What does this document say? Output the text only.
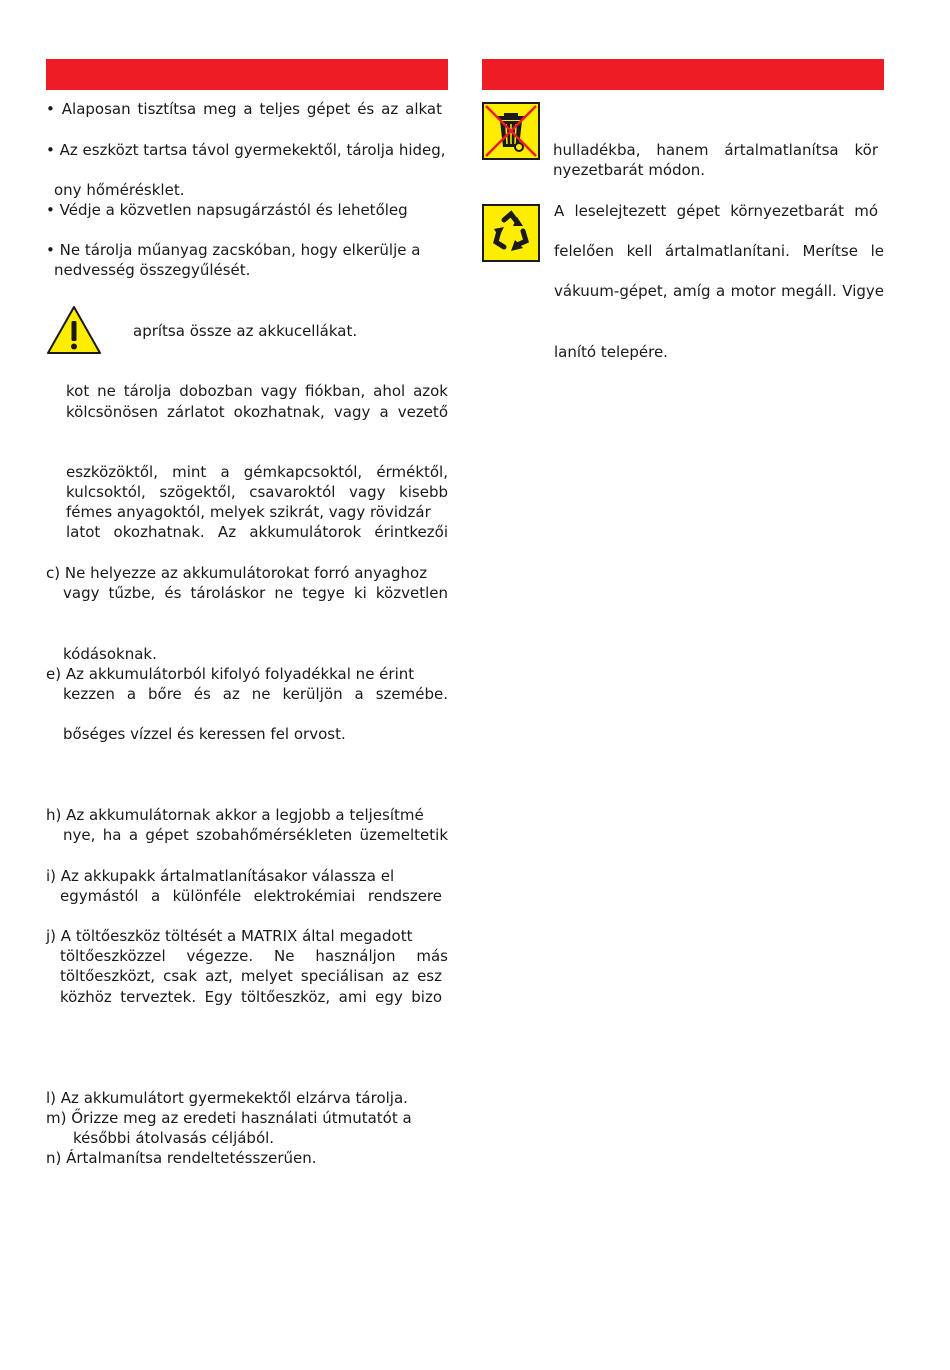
• Alaposan tisztítsa meg a teljes gépet és az alkat
• Az eszközt tartsa távol gyermekektől, tárolja hideg,
ony hőmérésklet.
• Védje a közvetlen napsugárzástól és lehetőleg
• Ne tárolja műanyag zacskóban, hogy elkerülje a
nedvesség összegyűlését.
aprítsa össze az akkucellákat.
kot ne tárolja dobozban vagy fiókban, ahol azok
kölcsönösen zárlatot okozhatnak, vagy a vezető
eszközöktől, mint a gémkapcsoktól, érméktől,
kulcsoktól, szögektől, csavaroktól vagy kisebb
fémes anyagoktól, melyek szikrát, vagy rövidzár
latot okozhatnak. Az akkumulátorok érintkezői
c) Ne helyezze az akkumulátorokat forró anyaghoz
vagy tűzbe, és tároláskor ne tegye ki közvetlen
kódásoknak.
e) Az akkumulátorból kifolyó folyadékkal ne érint
kezzen a bőre és az ne kerüljön a szemébe.
bőséges vízzel és keressen fel orvost.
h) Az akkumulátornak akkor a legjobb a teljesítmé
nye, ha a gépet szobahőmérsékleten üzemeltetik
i) Az akkupakk ártalmatlanításakor válassza el
egymástól a különféle elektrokémiai rendszere
j) A töltőeszköz töltését a MATRIX által megadott
töltőeszközzel végezze. Ne használjon más
töltőeszközt, csak azt, melyet speciálisan az esz
közhöz terveztek. Egy töltőeszköz, ami egy bizo
l) Az akkumulátort gyermekektől elzárva tárolja.
m) Őrizze meg az eredeti használati útmutatót a
későbbi átolvasás céljából.
n) Ártalmanítsa rendeltetésszerűen.
hulladékba, hanem ártalmatlanítsa kör
nyezetbarát módon.
A leselejtezett gépet környezetbarát mó
felelően kell ártalmatlanítani. Merítse le
vákuum-gépet, amíg a motor megáll. Vigye
lanító telepére.
